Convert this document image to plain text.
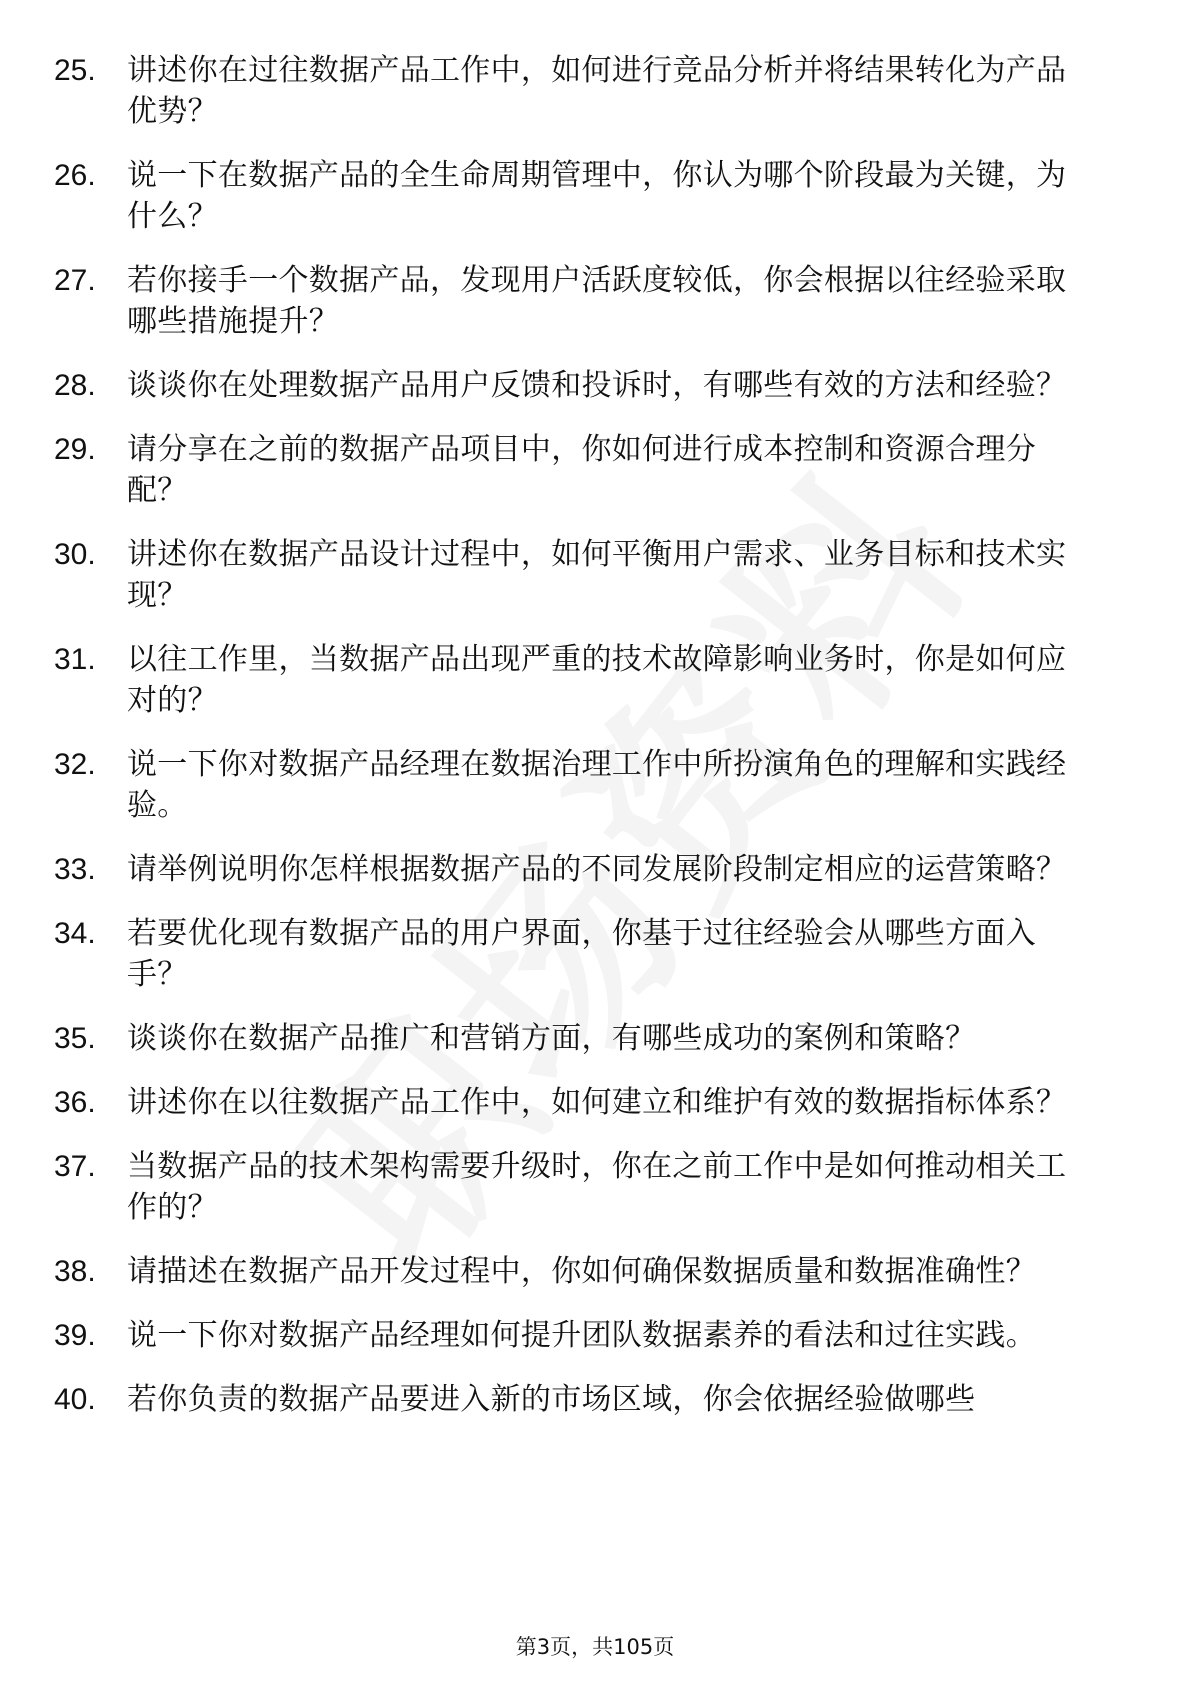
25.	讲述你在过往数据产品工作中，如何进行竞品分析并将结果转化为产品优势？
26.	说一下在数据产品的全生命周期管理中，你认为哪个阶段最为关键，为什么？
27.	若你接手一个数据产品，发现用户活跃度较低，你会根据以往经验采取哪些措施提升？
28.	谈谈你在处理数据产品用户反馈和投诉时，有哪些有效的方法和经验？
29.	请分享在之前的数据产品项目中，你如何进行成本控制和资源合理分配？
30.	讲述你在数据产品设计过程中，如何平衡用户需求、业务目标和技术实现？
31.	以往工作里，当数据产品出现严重的技术故障影响业务时，你是如何应对的？
32.	说一下你对数据产品经理在数据治理工作中所扮演角色的理解和实践经验。
33.	请举例说明你怎样根据数据产品的不同发展阶段制定相应的运营策略？
34.	若要优化现有数据产品的用户界面，你基于过往经验会从哪些方面入手？
35.	谈谈你在数据产品推广和营销方面，有哪些成功的案例和策略？
36.	讲述你在以往数据产品工作中，如何建立和维护有效的数据指标体系？
37.	当数据产品的技术架构需要升级时，你在之前工作中是如何推动相关工作的？
38.	请描述在数据产品开发过程中，你如何确保数据质量和数据准确性？
39.	说一下你对数据产品经理如何提升团队数据素养的看法和过往实践。
40.	若你负责的数据产品要进入新的市场区域，你会依据经验做哪些
第3页，共105页
